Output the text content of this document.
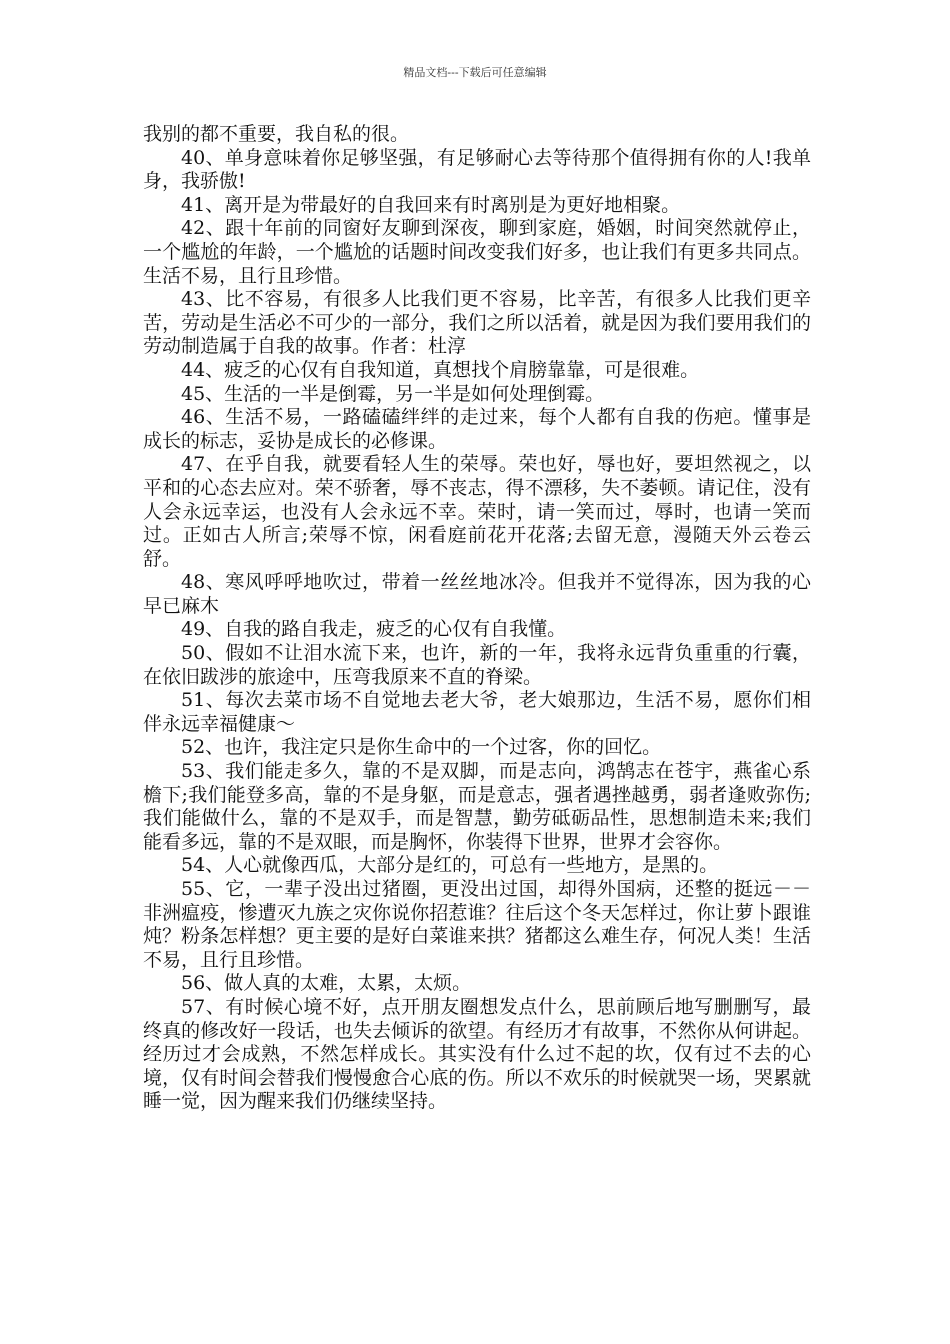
精品文档---下载后可任意编辑

我别的都不重要，我自私的很。

40、单身意味着你足够坚强，有足够耐心去等待那个值得拥有你的人!我单身，我骄傲!

41、离开是为带最好的自我回来有时离别是为更好地相聚。

42、跟十年前的同窗好友聊到深夜，聊到家庭，婚姻，时间突然就停止，一个尴尬的年龄，一个尴尬的话题时间改变我们好多，也让我们有更多共同点。生活不易，且行且珍惜。

43、比不容易，有很多人比我们更不容易，比辛苦，有很多人比我们更辛苦，劳动是生活必不可少的一部分，我们之所以活着，就是因为我们要用我们的劳动制造属于自我的故事。作者：杜淳

44、疲乏的心仅有自我知道，真想找个肩膀靠靠，可是很难。

45、生活的一半是倒霉，另一半是如何处理倒霉。

46、生活不易，一路磕磕绊绊的走过来，每个人都有自我的伤疤。懂事是成长的标志，妥协是成长的必修课。

47、在乎自我，就要看轻人生的荣辱。荣也好，辱也好，要坦然视之，以平和的心态去应对。荣不骄奢，辱不丧志，得不漂移，失不萎顿。请记住，没有人会永远幸运，也没有人会永远不幸。荣时，请一笑而过，辱时，也请一笑而过。正如古人所言;荣辱不惊，闲看庭前花开花落;去留无意，漫随天外云卷云舒。

48、寒风呼呼地吹过，带着一丝丝地冰冷。但我并不觉得冻，因为我的心早已麻木

49、自我的路自我走，疲乏的心仅有自我懂。

50、假如不让泪水流下来，也许，新的一年，我将永远背负重重的行囊，在依旧跋涉的旅途中，压弯我原来不直的脊梁。

51、每次去菜市场不自觉地去老大爷，老大娘那边，生活不易，愿你们相伴永远幸福健康～

52、也许，我注定只是你生命中的一个过客，你的回忆。

53、我们能走多久，靠的不是双脚，而是志向，鸿鹄志在苍宇，燕雀心系檐下;我们能登多高，靠的不是身躯，而是意志，强者遇挫越勇，弱者逢败弥伤;我们能做什么，靠的不是双手，而是智慧，勤劳砥砺品性，思想制造未来;我们能看多远，靠的不是双眼，而是胸怀，你装得下世界，世界才会容你。

54、人心就像西瓜，大部分是红的，可总有一些地方，是黑的。

55、它，一辈子没出过猪圈，更没出过国，却得外国病，还整的挺远－－非洲瘟疫，惨遭灭九族之灾你说你招惹谁？往后这个冬天怎样过，你让萝卜跟谁炖？粉条怎样想？更主要的是好白菜谁来拱？猪都这么难生存，何况人类！生活不易，且行且珍惜。

56、做人真的太难，太累，太烦。

57、有时候心境不好，点开朋友圈想发点什么，思前顾后地写删删写，最终真的修改好一段话，也失去倾诉的欲望。有经历才有故事，不然你从何讲起。经历过才会成熟，不然怎样成长。其实没有什么过不起的坎，仅有过不去的心境，仅有时间会替我们慢慢愈合心底的伤。所以不欢乐的时候就哭一场，哭累就睡一觉，因为醒来我们仍继续坚持。
